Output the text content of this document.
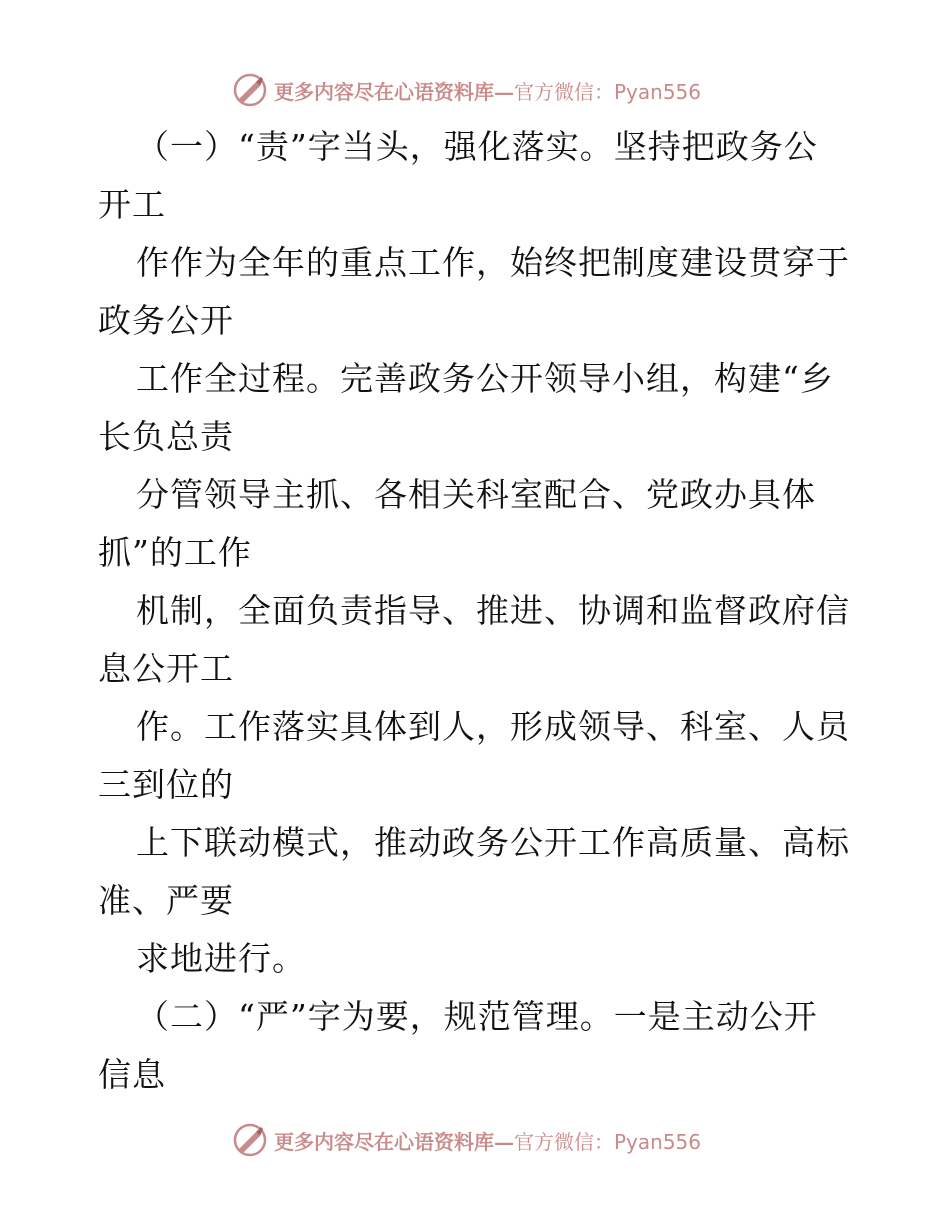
更多内容尽在心语资料库— 官方微信：Pyan556
（一）“责”字当头，强化落实。坚持把政务公
开工
作作为全年的重点工作，始终把制度建设贯穿于
政务公开
工作全过程。完善政务公开领导小组，构建“乡
长负总责
分管领导主抓、各相关科室配合、党政办具体
抓”的工作
机制，全面负责指导、推进、协调和监督政府信
息公开工
作。工作落实具体到人，形成领导、科室、人员
三到位的
上下联动模式，推动政务公开工作高质量、高标
准、严要
求地进行。
（二）“严”字为要，规范管理。一是主动公开
信息
更多内容尽在心语资料库— 官方微信：Pyan556
